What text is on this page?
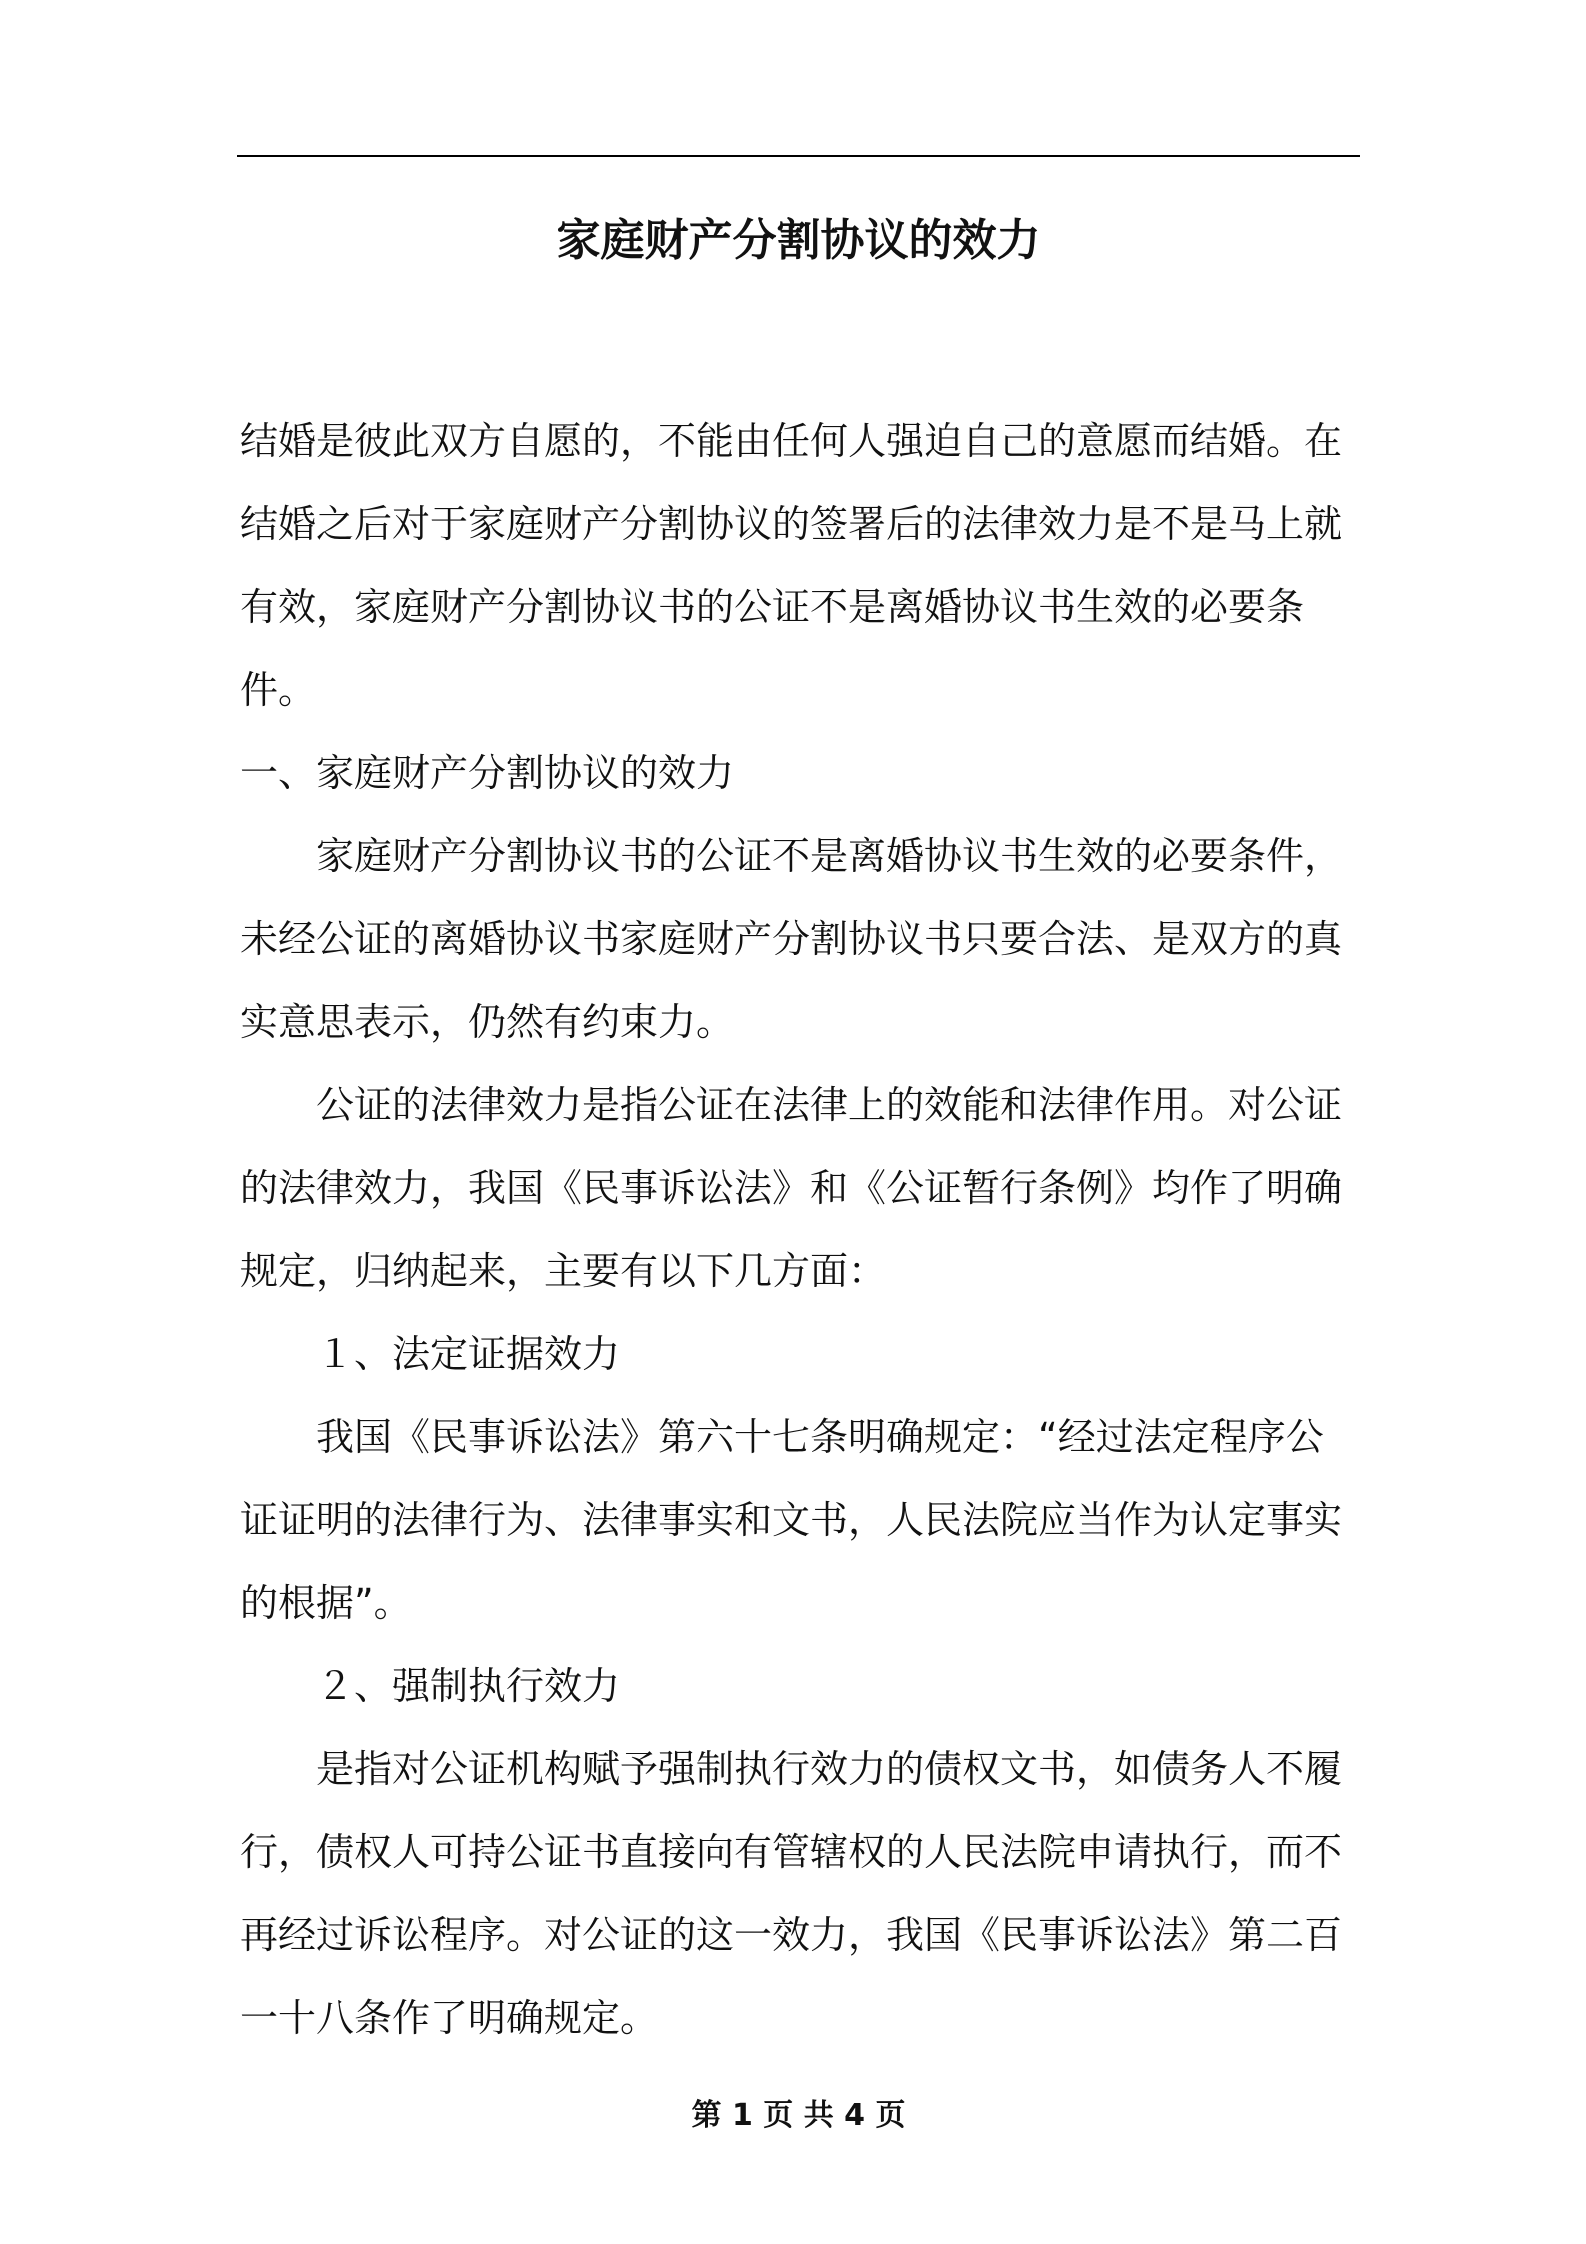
家庭财产分割协议的效力

结婚是彼此双方自愿的，不能由任何人强迫自己的意愿而结婚。在结婚之后对于家庭财产分割协议的签署后的法律效力是不是马上就有效，家庭财产分割协议书的公证不是离婚协议书生效的必要条件。

一、家庭财产分割协议的效力

家庭财产分割协议书的公证不是离婚协议书生效的必要条件，未经公证的离婚协议书家庭财产分割协议书只要合法、是双方的真实意思表示，仍然有约束力。

公证的法律效力是指公证在法律上的效能和法律作用。对公证的法律效力，我国《民事诉讼法》和《公证暂行条例》均作了明确规定，归纳起来，主要有以下几方面：

１、法定证据效力

我国《民事诉讼法》第六十七条明确规定：“经过法定程序公证证明的法律行为、法律事实和文书，人民法院应当作为认定事实的根据”。

２、强制执行效力

是指对公证机构赋予强制执行效力的债权文书，如债务人不履行，债权人可持公证书直接向有管辖权的人民法院申请执行，而不再经过诉讼程序。对公证的这一效力，我国《民事诉讼法》第二百一十八条作了明确规定。

第 1 页 共 4 页
